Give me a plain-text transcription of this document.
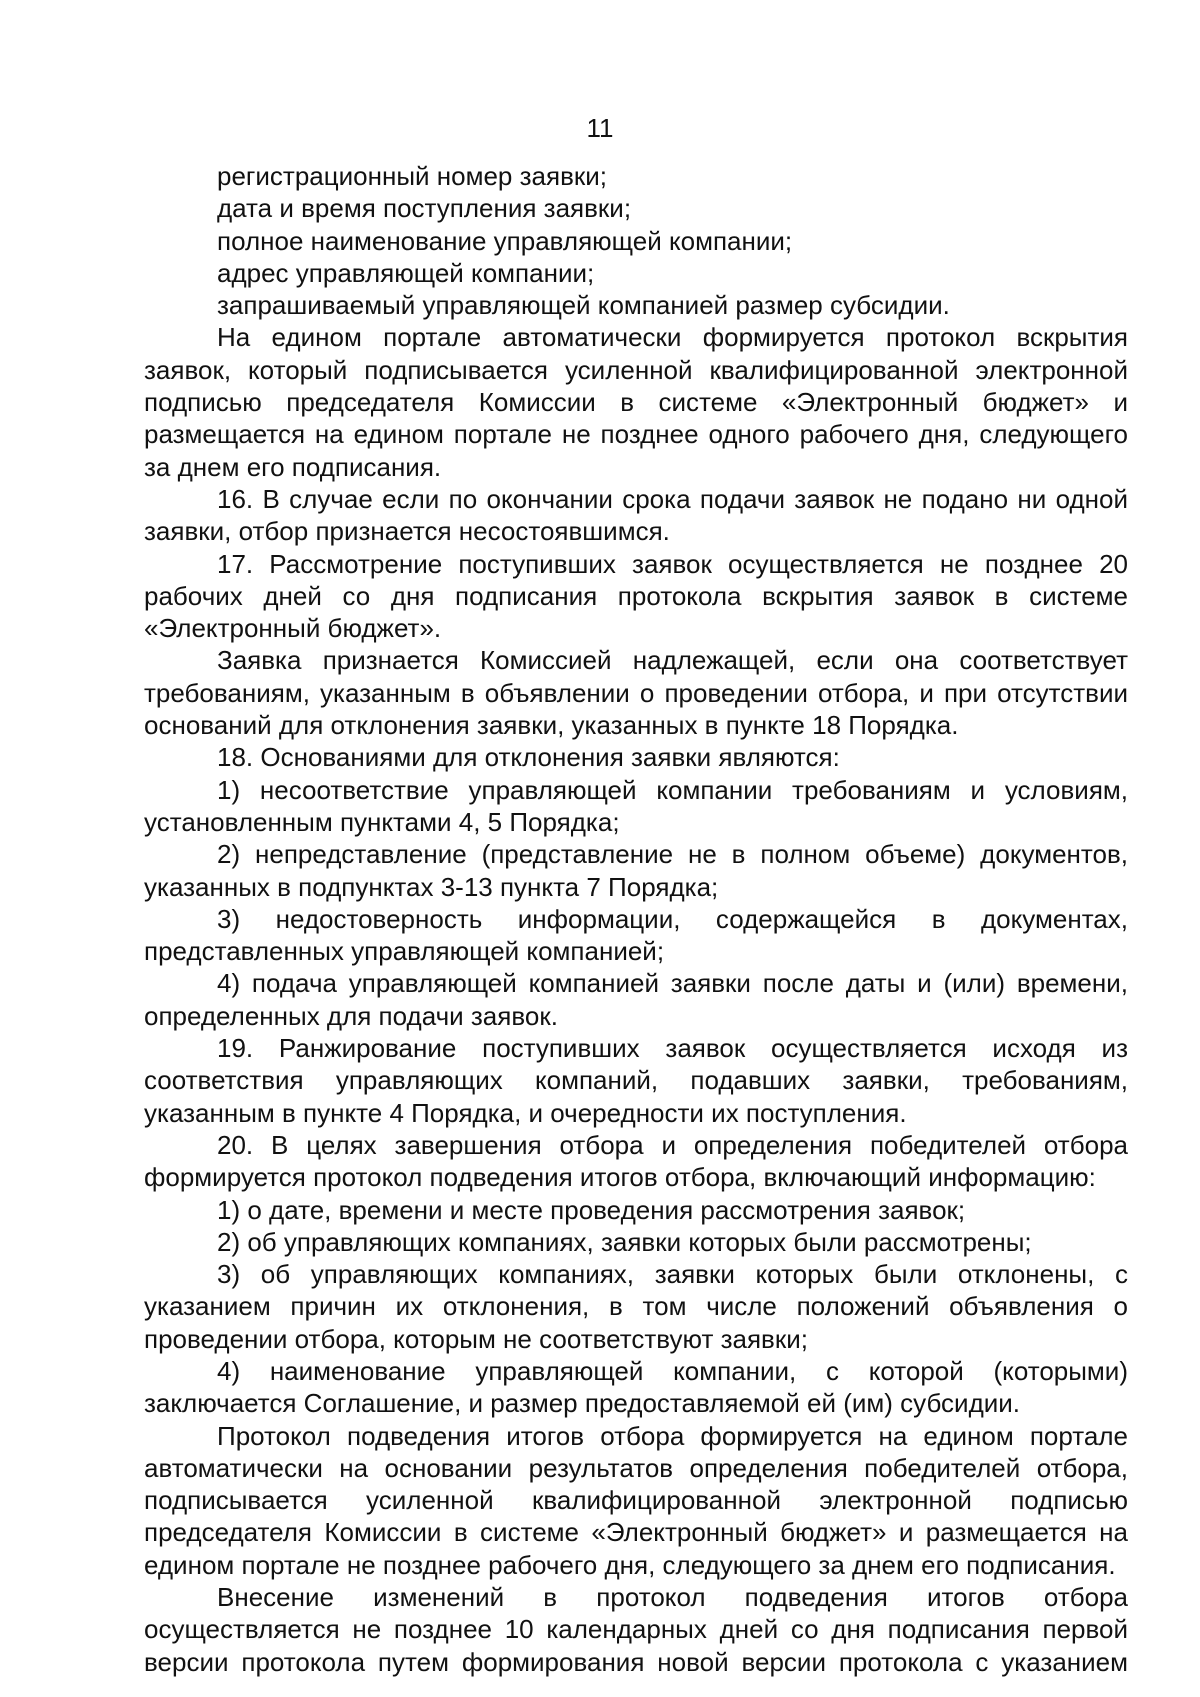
11

регистрационный номер заявки;

дата и время поступления заявки;

полное наименование управляющей компании;

адрес управляющей компании;

запрашиваемый управляющей компанией размер субсидии.

На едином портале автоматически формируется протокол вскрытия заявок, который подписывается усиленной квалифицированной электронной подписью председателя Комиссии в системе «Электронный бюджет» и размещается на едином портале не позднее одного рабочего дня, следующего за днем его подписания.

16. В случае если по окончании срока подачи заявок не подано ни одной заявки, отбор признается несостоявшимся.

17. Рассмотрение поступивших заявок осуществляется не позднее 20 рабочих дней со дня подписания протокола вскрытия заявок в системе «Электронный бюджет».

Заявка признается Комиссией надлежащей, если она соответствует требованиям, указанным в объявлении о проведении отбора, и при отсутствии оснований для отклонения заявки, указанных в пункте 18 Порядка.

18. Основаниями для отклонения заявки являются:

1) несоответствие управляющей компании требованиям и условиям, установленным пунктами 4, 5 Порядка;

2) непредставление (представление не в полном объеме) документов, указанных в подпунктах 3-13 пункта 7 Порядка;

3) недостоверность информации, содержащейся в документах, представленных управляющей компанией;

4) подача управляющей компанией заявки после даты и (или) времени, определенных для подачи заявок.

19. Ранжирование поступивших заявок осуществляется исходя из соответствия управляющих компаний, подавших заявки, требованиям, указанным в пункте 4 Порядка, и очередности их поступления.

20. В целях завершения отбора и определения победителей отбора формируется протокол подведения итогов отбора, включающий информацию:

1) о дате, времени и месте проведения рассмотрения заявок;

2) об управляющих компаниях, заявки которых были рассмотрены;

3) об управляющих компаниях, заявки которых были отклонены, с указанием причин их отклонения, в том числе положений объявления о проведении отбора, которым не соответствуют заявки;

4) наименование управляющей компании, с которой (которыми) заключается Соглашение, и размер предоставляемой ей (им) субсидии.

Протокол подведения итогов отбора формируется на едином портале автоматически на основании результатов определения победителей отбора, подписывается усиленной квалифицированной электронной подписью председателя Комиссии в системе «Электронный бюджет» и размещается на едином портале не позднее рабочего дня, следующего за днем его подписания.

Внесение изменений в протокол подведения итогов отбора осуществляется не позднее 10 календарных дней со дня подписания первой версии протокола путем формирования новой версии протокола с указанием
